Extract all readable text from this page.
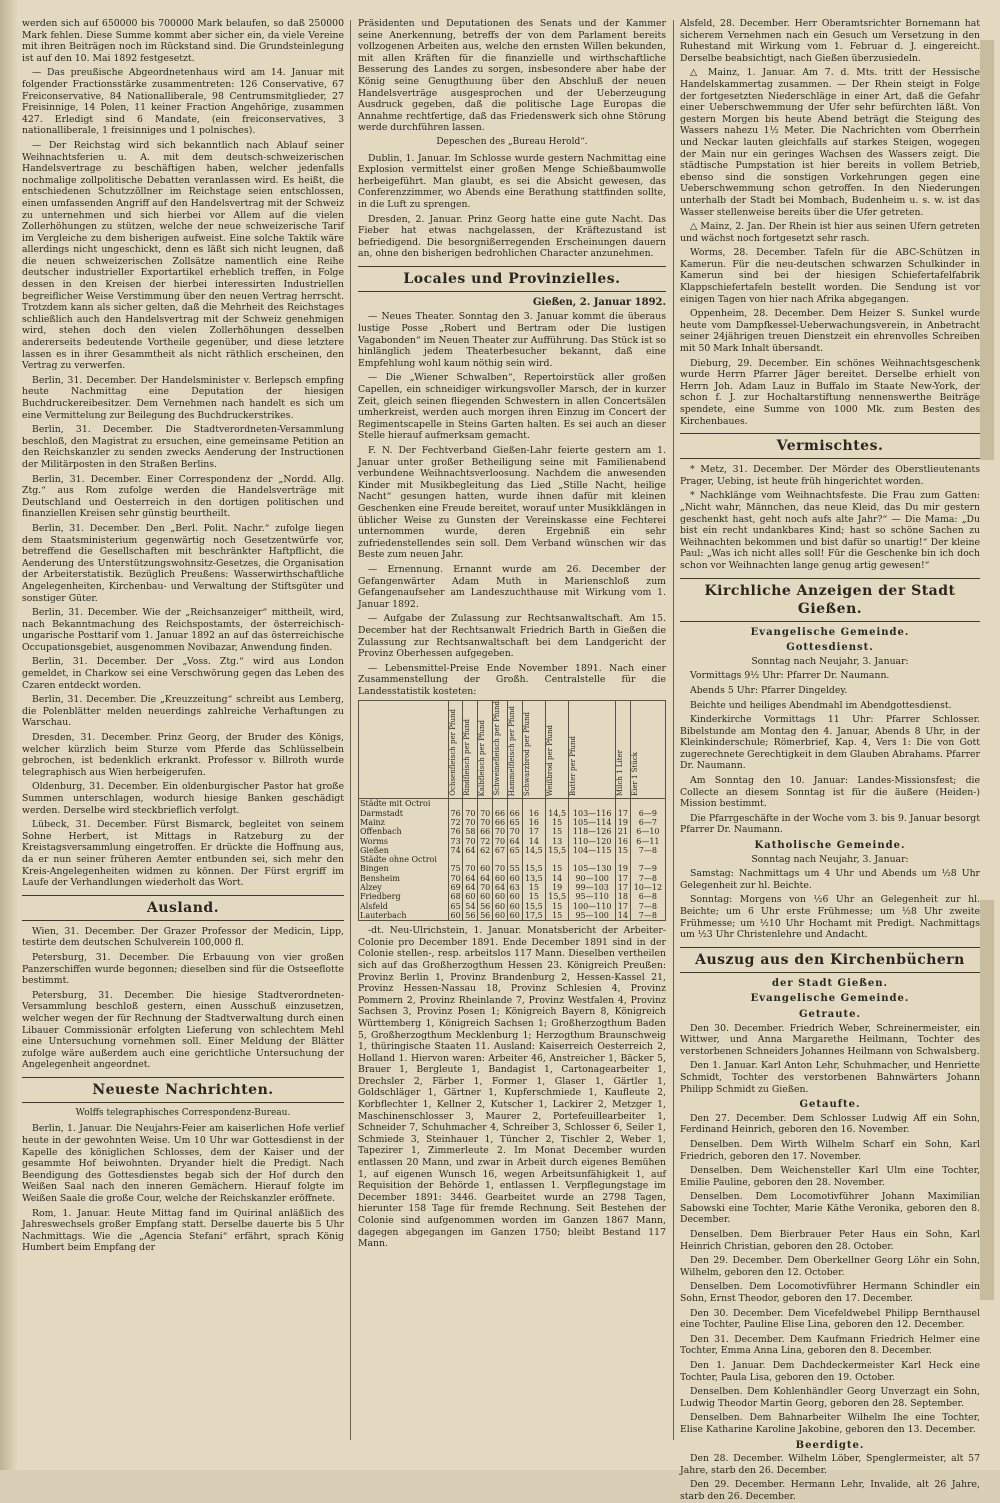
werden sich auf 650000 bis 700000 Mark belaufen, so daß 250000 Mark fehlen. Diese Summe kommt aber sicher ein, da viele Vereine mit ihren Beiträgen noch im Rückstand sind. Die Grundsteinlegung ist auf den 10. Mai 1892 festgesetzt.

— Das preußische Abgeordnetenhaus wird am 14. Januar mit folgender Fractionsstärke zusammentreten: 126 Conservative, 67 Freiconservative, 84 Nationalliberale, 98 Centrumsmitglieder, 27 Freisinnige, 14 Polen, 11 keiner Fraction Angehörige, zusammen 427. Erledigt sind 6 Mandate, (ein freiconservatives, 3 nationalliberale, 1 freisinniges und 1 polnisches).

— Der Reichstag wird sich bekanntlich nach Ablauf seiner Weihnachtsferien u. A. mit dem deutsch-schweizerischen Handelsvertrage zu beschäftigen haben, welcher jedenfalls nochmalige zollpolitische Debatten veranlassen wird. Es heißt, die entschiedenen Schutzzöllner im Reichstage seien entschlossen, einen umfassenden Angriff auf den Handelsvertrag mit der Schweiz zu unternehmen und sich hierbei vor Allem auf die vielen Zollerhöhungen zu stützen, welche der neue schweizerische Tarif im Vergleiche zu dem bisherigen aufweist. Eine solche Taktik wäre allerdings nicht ungeschickt, denn es läßt sich nicht leugnen, daß die neuen schweizerischen Zollsätze namentlich eine Reihe deutscher industrieller Exportartikel erheblich treffen, in Folge dessen in den Kreisen der hierbei interessirten Industriellen begreiflicher Weise Verstimmung über den neuen Vertrag herrscht. Trotzdem kann als sicher gelten, daß die Mehrheit des Reichstages schließlich auch den Handelsvertrag mit der Schweiz genehmigen wird, stehen doch den vielen Zollerhöhungen desselben andererseits bedeutende Vortheile gegenüber, und diese letztere lassen es in ihrer Gesammtheit als nicht räthlich erscheinen, den Vertrag zu verwerfen.

Berlin, 31. December. Der Handelsminister v. Berlepsch empfing heute Nachmittag eine Deputation der hiesigen Buchdruckereibesitzer. Dem Vernehmen nach handelt es sich um eine Vermittelung zur Beilegung des Buchdruckerstrikes.

Berlin, 31. December. Die Stadtverordneten-Versammlung beschloß, den Magistrat zu ersuchen, eine gemeinsame Petition an den Reichskanzler zu senden zwecks Aenderung der Instructionen der Militärposten in den Straßen Berlins.

Berlin, 31. December. Einer Correspondenz der „Nordd. Allg. Ztg.“ aus Rom zufolge werden die Handelsverträge mit Deutschland und Oesterreich in den dortigen politischen und finanziellen Kreisen sehr günstig beurtheilt.

Berlin, 31. December. Den „Berl. Polit. Nachr.“ zufolge liegen dem Staatsministerium gegenwärtig noch Gesetzentwürfe vor, betreffend die Gesellschaften mit beschränkter Haftpflicht, die Aenderung des Unterstützungswohnsitz-Gesetzes, die Organisation der Arbeiterstatistik. Bezüglich Preußens: Wasserwirthschaftliche Angelegenheiten, Kirchenbau- und Verwaltung der Stiftsgüter und sonstiger Güter.

Berlin, 31. December. Wie der „Reichsanzeiger“ mittheilt, wird, nach Bekanntmachung des Reichspostamts, der österreichisch-ungarische Posttarif vom 1. Januar 1892 an auf das österreichische Occupationsgebiet, ausgenommen Novibazar, Anwendung finden.

Berlin, 31. December. Der „Voss. Ztg.“ wird aus London gemeldet, in Charkow sei eine Verschwörung gegen das Leben des Czaren entdeckt worden.

Berlin, 31. December. Die „Kreuzzeitung“ schreibt aus Lemberg, die Polenblätter melden neuerdings zahlreiche Verhaftungen zu Warschau.

Dresden, 31. December. Prinz Georg, der Bruder des Königs, welcher kürzlich beim Sturze vom Pferde das Schlüsselbein gebrochen, ist bedenklich erkrankt. Professor v. Billroth wurde telegraphisch aus Wien herbeigerufen.

Oldenburg, 31. December. Ein oldenburgischer Pastor hat große Summen unterschlagen, wodurch hiesige Banken geschädigt werden. Derselbe wird steckbrieflich verfolgt.

Lübeck, 31. December. Fürst Bismarck, begleitet von seinem Sohne Herbert, ist Mittags in Ratzeburg zu der Kreistagsversammlung eingetroffen. Er drückte die Hoffnung aus, da er nun seiner früheren Aemter entbunden sei, sich mehr den Kreis-Angelegenheiten widmen zu können. Der Fürst ergriff im Laufe der Verhandlungen wiederholt das Wort.

Ausland.

Wien, 31. December. Der Grazer Professor der Medicin, Lipp, testirte dem deutschen Schulverein 100,000 fl.

Petersburg, 31. December. Die Erbauung von vier großen Panzerschiffen wurde begonnen; dieselben sind für die Ostseeflotte bestimmt.

Petersburg, 31. December. Die hiesige Stadtverordneten-Versammlung beschloß gestern, einen Ausschuß einzusetzen, welcher wegen der für Rechnung der Stadtverwaltung durch einen Libauer Commissionär erfolgten Lieferung von schlechtem Mehl eine Untersuchung vornehmen soll. Einer Meldung der Blätter zufolge wäre außerdem auch eine gerichtliche Untersuchung der Angelegenheit angeordnet.

Neueste Nachrichten.
Wolffs telegraphisches Correspondenz-Bureau.

Berlin, 1. Januar. Die Neujahrs-Feier am kaiserlichen Hofe verlief heute in der gewohnten Weise. Um 10 Uhr war Gottesdienst in der Kapelle des königlichen Schlosses, dem der Kaiser und der gesammte Hof beiwohnten. Dryander hielt die Predigt. Nach Beendigung des Gottesdienstes begab sich der Hof durch den Weißen Saal nach den inneren Gemächern. Hierauf folgte im Weißen Saale die große Cour, welche der Reichskanzler eröffnete.

Rom, 1. Januar. Heute Mittag fand im Quirinal anläßlich des Jahreswechsels großer Empfang statt. Derselbe dauerte bis 5 Uhr Nachmittags. Wie die „Agencia Stefani“ erfährt, sprach König Humbert beim Empfang der

Präsidenten und Deputationen des Senats und der Kammer seine Anerkennung, betreffs der von dem Parlament bereits vollzogenen Arbeiten aus, welche den ernsten Willen bekunden, mit allen Kräften für die finanzielle und wirthschaftliche Besserung des Landes zu sorgen, insbesondere aber habe der König seine Genugthuung über den Abschluß der neuen Handelsverträge ausgesprochen und der Ueberzeugung Ausdruck gegeben, daß die politische Lage Europas die Annahme rechtfertige, daß das Friedenswerk sich ohne Störung werde durchführen lassen.

Depeschen des „Bureau Herold“.

Dublin, 1. Januar. Im Schlosse wurde gestern Nachmittag eine Explosion vermittelst einer großen Menge Schießbaumwolle herbeigeführt. Man glaubt, es sei die Absicht gewesen, das Conferenzzimmer, wo Abends eine Berathung stattfinden sollte, in die Luft zu sprengen.

Dresden, 2. Januar. Prinz Georg hatte eine gute Nacht. Das Fieber hat etwas nachgelassen, der Kräftezustand ist befriedigend. Die besorgnißerregenden Erscheinungen dauern an, ohne den bisherigen bedrohlichen Character anzunehmen.

Locales und Provinzielles.
Gießen, 2. Januar 1892.

— Neues Theater. Sonntag den 3. Januar kommt die überaus lustige Posse „Robert und Bertram oder Die lustigen Vagabonden“ im Neuen Theater zur Aufführung. Das Stück ist so hinlänglich jedem Theaterbesucher bekannt, daß eine Empfehlung wohl kaum nöthig sein wird.

— Die „Wiener Schwalben“, Repertoirstück aller großen Capellen, ein schneidiger wirkungsvoller Marsch, der in kurzer Zeit, gleich seinen fliegenden Schwestern in allen Concertsälen umherkreist, werden auch morgen ihren Einzug im Concert der Regimentscapelle in Steins Garten halten. Es sei auch an dieser Stelle hierauf aufmerksam gemacht.

F. N. Der Fechtverband Gießen-Lahr feierte gestern am 1. Januar unter großer Betheiligung seine mit Familienabend verbundene Weihnachtsverloosung. Nachdem die anwesenden Kinder mit Musikbegleitung das Lied „Stille Nacht, heilige Nacht“ gesungen hatten, wurde ihnen dafür mit kleinen Geschenken eine Freude bereitet, worauf unter Musikklängen in üblicher Weise zu Gunsten der Vereinskasse eine Fechterei unternommen wurde, deren Ergebniß ein sehr zufriedenstellendes sein soll. Dem Verband wünschen wir das Beste zum neuen Jahr.

— Ernennung. Ernannt wurde am 26. December der Gefangenwärter Adam Muth in Marienschloß zum Gefangenaufseher am Landeszuchthause mit Wirkung vom 1. Januar 1892.

— Aufgabe der Zulassung zur Rechtsanwaltschaft. Am 15. December hat der Rechtsanwalt Friedrich Barth in Gießen die Zulassung zur Rechtsanwaltschaft bei dem Landgericht der Provinz Oberhessen aufgegeben.

— Lebensmittel-Preise Ende November 1891. Nach einer Zusammenstellung der Großh. Centralstelle für die Landesstatistik kosteten:

	Ochsenfleisch per Pfund	Rindfleisch per Pfund	Kalbfleisch per Pfund	Schweinefleisch per Pfund	Hammelfleisch per Pfund	Schwarzbrod per Pfund	Weißbrod per Pfund	Butter per Pfund	Milch 1 Liter	Eier 1 Stück
Städte mit Octroi										
Darmstadt	76	70	70	66	66	16	14,5	103—116	17	6—9
Mainz	72	70	70	66	65	16	15	105—114	19	6—7
Offenbach	76	58	66	70	70	17	15	118—126	21	6—10
Worms	73	70	72	70	64	14	13	110—120	16	6—11
Gießen	74	64	62	67	65	14,5	15,5	104—115	15	7—8
Städte ohne Octroi										
Bingen	75	70	60	70	55	15,5	15	105—130	19	7—9
Bensheim	70	64	64	60	60	13,5	14	90—100	17	7—8
Alzey	69	64	70	64	63	15	19	99—103	17	10—12
Friedberg	68	60	60	60	60	15	15,5	95—110	18	6—8
Alsfeld	65	54	56	60	60	15,5	15	100—110	17	7—8
Lauterbach	60	56	56	60	60	17,5	15	95—100	14	7—8

-dt. Neu-Ulrichstein, 1. Januar. Monatsbericht der Arbeiter-Colonie pro December 1891. Ende December 1891 sind in der Colonie stellen-, resp. arbeitslos 117 Mann. Dieselben vertheilen sich auf das Großherzogthum Hessen 23. Königreich Preußen: Provinz Berlin 1, Provinz Brandenburg 2, Hessen-Kassel 21, Provinz Hessen-Nassau 18, Provinz Schlesien 4, Provinz Pommern 2, Provinz Rheinlande 7, Provinz Westfalen 4, Provinz Sachsen 3, Provinz Posen 1; Königreich Bayern 8, Königreich Württemberg 1, Königreich Sachsen 1; Großherzogthum Baden 5, Großherzogthum Mecklenburg 1; Herzogthum Braunschweig 1, thüringische Staaten 11. Ausland: Kaiserreich Oesterreich 2, Holland 1. Hiervon waren: Arbeiter 46, Anstreicher 1, Bäcker 5, Brauer 1, Bergleute 1, Bandagist 1, Cartonagearbeiter 1, Drechsler 2, Färber 1, Former 1, Glaser 1, Gärtler 1, Goldschläger 1, Gärtner 1, Kupferschmiede 1, Kaufleute 2, Korbflechter 1, Kellner 2, Kutscher 1, Lackirer 2, Metzger 1, Maschinenschlosser 3, Maurer 2, Portefeuillearbeiter 1, Schneider 7, Schuhmacher 4, Schreiber 3, Schlosser 6, Seiler 1, Schmiede 3, Steinhauer 1, Tüncher 2, Tischler 2, Weber 1, Tapezirer 1, Zimmerleute 2. Im Monat December wurden entlassen 20 Mann, und zwar in Arbeit durch eigenes Bemühen 1, auf eigenen Wunsch 16, wegen Arbeitsunfähigkeit 1, auf Requisition der Behörde 1, entlassen 1. Verpflegungstage im December 1891: 3446. Gearbeitet wurde an 2798 Tagen, hierunter 158 Tage für fremde Rechnung. Seit Bestehen der Colonie sind aufgenommen worden im Ganzen 1867 Mann, dagegen abgegangen im Ganzen 1750; bleibt Bestand 117 Mann.

Alsfeld, 28. December. Herr Oberamtsrichter Bornemann hat sicherem Vernehmen nach ein Gesuch um Versetzung in den Ruhestand mit Wirkung vom 1. Februar d. J. eingereicht. Derselbe beabsichtigt, nach Gießen überzusiedeln.

△ Mainz, 1. Januar. Am 7. d. Mts. tritt der Hessische Handelskammertag zusammen. — Der Rhein steigt in Folge der fortgesetzten Niederschläge in einer Art, daß die Gefahr einer Ueberschwemmung der Ufer sehr befürchten läßt. Von gestern Morgen bis heute Abend beträgt die Steigung des Wassers nahezu 1½ Meter. Die Nachrichten vom Oberrhein und Neckar lauten gleichfalls auf starkes Steigen, wogegen der Main nur ein geringes Wachsen des Wassers zeigt. Die städtische Pumpstation ist hier bereits in vollem Betrieb, ebenso sind die sonstigen Vorkehrungen gegen eine Ueberschwemmung schon getroffen. In den Niederungen unterhalb der Stadt bei Mombach, Budenheim u. s. w. ist das Wasser stellenweise bereits über die Ufer getreten.

△ Mainz, 2. Jan. Der Rhein ist hier aus seinen Ufern getreten und wächst noch fortgesetzt sehr rasch.

Worms, 28. December. Tafeln für die ABC-Schützen in Kamerun. Für die neu-deutschen schwarzen Schulkinder in Kamerun sind bei der hiesigen Schiefertafelfabrik Klappschiefertafeln bestellt worden. Die Sendung ist vor einigen Tagen von hier nach Afrika abgegangen.

Oppenheim, 28. December. Dem Heizer S. Sunkel wurde heute vom Dampfkessel-Ueberwachungsverein, in Anbetracht seiner 24jährigen treuen Dienstzeit ein ehrenvolles Schreiben mit 50 Mark Inhalt übersandt.

Dieburg, 29. December. Ein schönes Weihnachtsgeschenk wurde Herrn Pfarrer Jäger bereitet. Derselbe erhielt von Herrn Joh. Adam Lauz in Buffalo im Staate New-York, der schon f. J. zur Hochaltarstiftung nennenswerthe Beiträge spendete, eine Summe von 1000 Mk. zum Besten des Kirchenbaues.

Vermischtes.

* Metz, 31. December. Der Mörder des Oberstlieutenants Prager, Uebing, ist heute früh hingerichtet worden.

* Nachklänge vom Weihnachtsfeste. Die Frau zum Gatten: „Nicht wahr, Männchen, das neue Kleid, das Du mir gestern geschenkt hast, geht noch aufs alte Jahr?“ — Die Mama: „Du bist ein recht undankbares Kind; hast so schöne Sachen zu Weihnachten bekommen und bist dafür so unartig!“ Der kleine Paul: „Was ich nicht alles soll! Für die Geschenke bin ich doch schon vor Weihnachten lange genug artig gewesen!“

Kirchliche Anzeigen der Stadt Gießen.
Evangelische Gemeinde.
Gottesdienst.

Sonntag nach Neujahr, 3. Januar:

Vormittags 9½ Uhr: Pfarrer Dr. Naumann.

Abends 5 Uhr: Pfarrer Dingeldey.

Beichte und heiliges Abendmahl im Abendgottesdienst.

Kinderkirche Vormittags 11 Uhr: Pfarrer Schlosser. Bibelstunde am Montag den 4. Januar, Abends 8 Uhr, in der Kleinkinderschule; Römerbrief, Kap. 4, Vers 1: Die von Gott zugerechnete Gerechtigkeit in dem Glauben Abrahams. Pfarrer Dr. Naumann.

Am Sonntag den 10. Januar: Landes-Missionsfest; die Collecte an diesem Sonntag ist für die äußere (Heiden-) Mission bestimmt.

Die Pfarrgeschäfte in der Woche vom 3. bis 9. Januar besorgt Pfarrer Dr. Naumann.

Katholische Gemeinde.

Sonntag nach Neujahr, 3. Januar:

Samstag: Nachmittags um 4 Uhr und Abends um ½8 Uhr Gelegenheit zur hl. Beichte.

Sonntag: Morgens von ½6 Uhr an Gelegenheit zur hl. Beichte; um 6 Uhr erste Frühmesse; um ½8 Uhr zweite Frühmesse; um ½10 Uhr Hochamt mit Predigt. Nachmittags um ½3 Uhr Christenlehre und Andacht.

Auszug aus den Kirchenbüchern
der Stadt Gießen.
Evangelische Gemeinde.
Getraute.

Den 30. December. Friedrich Weber, Schreinermeister, ein Wittwer, und Anna Margarethe Heilmann, Tochter des verstorbenen Schneiders Johannes Heilmann von Schwalsberg.

Den 1. Januar. Karl Anton Lehr, Schuhmacher, und Henriette Schmidt, Tochter des verstorbenen Bahnwärters Johann Philipp Schmidt zu Gießen.

Getaufte.

Den 27. December. Dem Schlosser Ludwig Aff ein Sohn, Ferdinand Heinrich, geboren den 16. November.

Denselben. Dem Wirth Wilhelm Scharf ein Sohn, Karl Friedrich, geboren den 17. November.

Denselben. Dem Weichensteller Karl Ulm eine Tochter, Emilie Pauline, geboren den 28. November.

Denselben. Dem Locomotivführer Johann Maximilian Sabowski eine Tochter, Marie Käthe Veronika, geboren den 8. December.

Denselben. Dem Bierbrauer Peter Haus ein Sohn, Karl Heinrich Christian, geboren den 28. October.

Den 29. December. Dem Oberkellner Georg Löhr ein Sohn, Wilhelm, geboren den 12. October.

Denselben. Dem Locomotivführer Hermann Schindler ein Sohn, Ernst Theodor, geboren den 17. December.

Den 30. December. Dem Vicefeldwebel Philipp Bernthausel eine Tochter, Pauline Elise Lina, geboren den 12. December.

Den 31. December. Dem Kaufmann Friedrich Helmer eine Tochter, Emma Anna Lina, geboren den 8. December.

Den 1. Januar. Dem Dachdeckermeister Karl Heck eine Tochter, Paula Lisa, geboren den 19. October.

Denselben. Dem Kohlenhändler Georg Unverzagt ein Sohn, Ludwig Theodor Martin Georg, geboren den 28. September.

Denselben. Dem Bahnarbeiter Wilhelm Ihe eine Tochter, Elise Katharine Karoline Jakobine, geboren den 13. December.

Beerdigte.

Den 28. December. Wilhelm Löber, Spenglermeister, alt 57 Jahre, starb den 26. December.

Den 29. December. Hermann Lehr, Invalide, alt 26 Jahre, starb den 26. December.
